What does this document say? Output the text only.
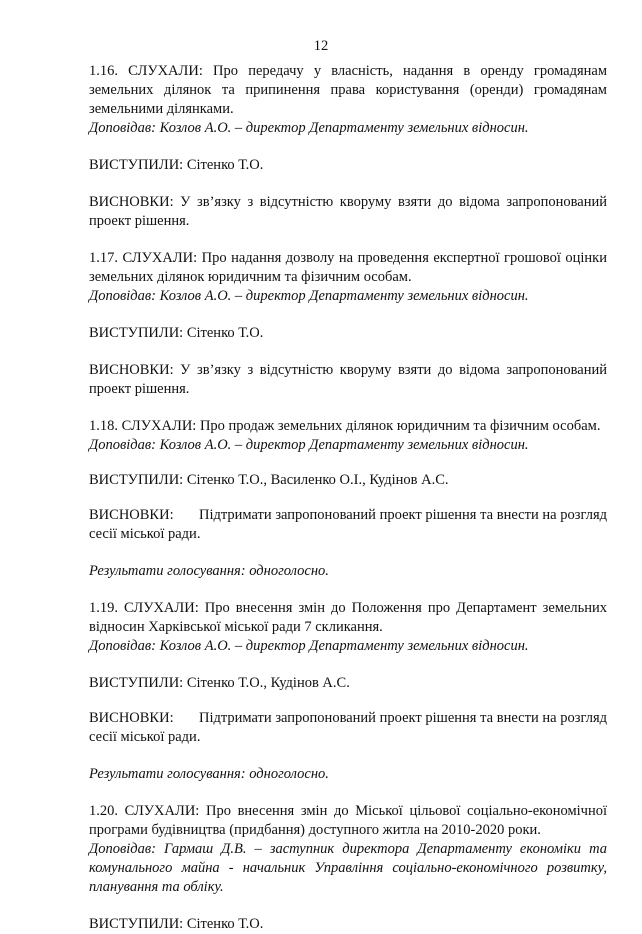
12

1.16. СЛУХАЛИ: Про передачу у власність, надання в оренду громадянам земельних ділянок та припинення права користування (оренди) громадянам земельними ділянками.

Доповідав: Козлов А.О. – директор Департаменту земельних відносин.

ВИСТУПИЛИ: Сітенко Т.О.

ВИСНОВКИ: У зв’язку з відсутністю кворуму взяти до відома запропонований проект рішення.

1.17. СЛУХАЛИ: Про надання дозволу на проведення експертної грошової оцінки земельних ділянок юридичним та фізичним особам.

Доповідав: Козлов А.О. – директор Департаменту земельних відносин.

ВИСТУПИЛИ: Сітенко Т.О.

ВИСНОВКИ: У зв’язку з відсутністю кворуму взяти до відома запропонований проект рішення.

1.18. СЛУХАЛИ: Про продаж земельних ділянок юридичним та фізичним особам.

Доповідав: Козлов А.О. – директор Департаменту земельних відносин.

ВИСТУПИЛИ: Сітенко Т.О., Василенко О.І., Кудінов А.С.

ВИСНОВКИ: Підтримати запропонований проект рішення та внести на розгляд сесії міської ради.

Результати голосування: одноголосно.

1.19. СЛУХАЛИ: Про внесення змін до Положення про Департамент земельних відносин Харківської міської ради 7 скликання.

Доповідав: Козлов А.О. – директор Департаменту земельних відносин.

ВИСТУПИЛИ: Сітенко Т.О., Кудінов А.С.

ВИСНОВКИ: Підтримати запропонований проект рішення та внести на розгляд сесії міської ради.

Результати голосування: одноголосно.

1.20. СЛУХАЛИ: Про внесення змін до Міської цільової соціально-економічної програми будівництва (придбання) доступного житла на 2010-2020 роки.

Доповідав: Гармаш Д.В. – заступник директора Департаменту економіки та комунального майна - начальник Управління соціально-економічного розвитку, планування та обліку.

ВИСТУПИЛИ: Сітенко Т.О.
